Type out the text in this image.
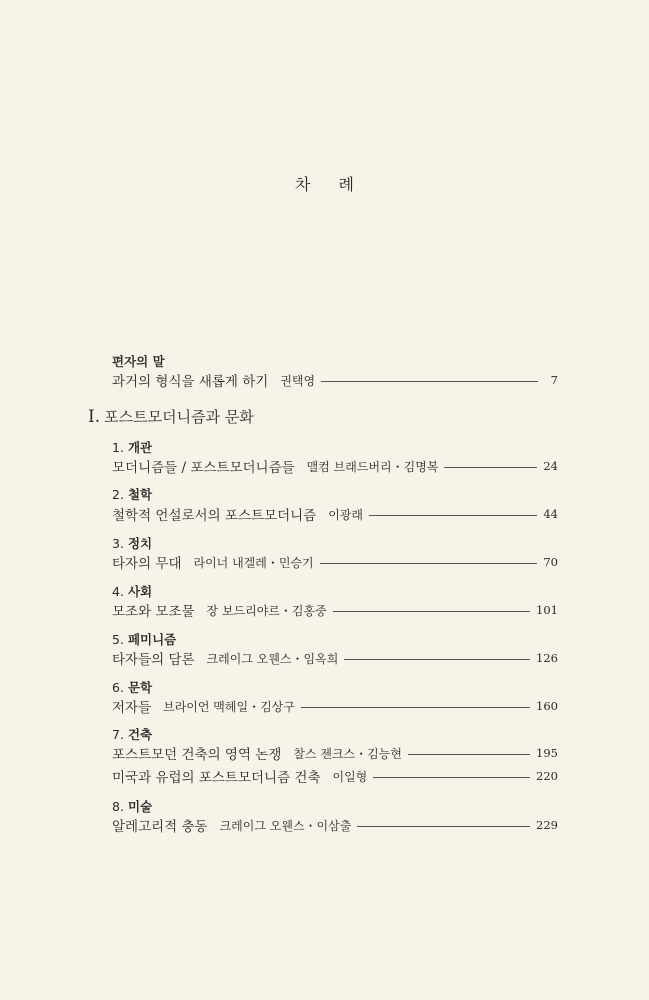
차 례
편자의 말
과거의 형식을 새롭게 하기 권택영	7
Ⅰ. 포스트모더니즘과 문화
1. 개관
모더니즘들 / 포스트모더니즘들 맬컴 브래드버리・김명복	24
2. 철학
철학적 언설로서의 포스트모더니즘 이광래	44
3. 정치
타자의 무대 라이너 내겔레・민승기	70
4. 사회
모조와 모조물 장 보드리야르・김홍중	101
5. 페미니즘
타자들의 담론 크레이그 오웬스・임옥희	126
6. 문학
저자들 브라이언 맥헤일・김상구	160
7. 건축
포스트모던 건축의 영역 논쟁 찰스 젠크스・김능현	195
미국과 유럽의 포스트모더니즘 건축 이일형	220
8. 미술
알레고리적 충동 크레이그 오웬스・이삼출	229
